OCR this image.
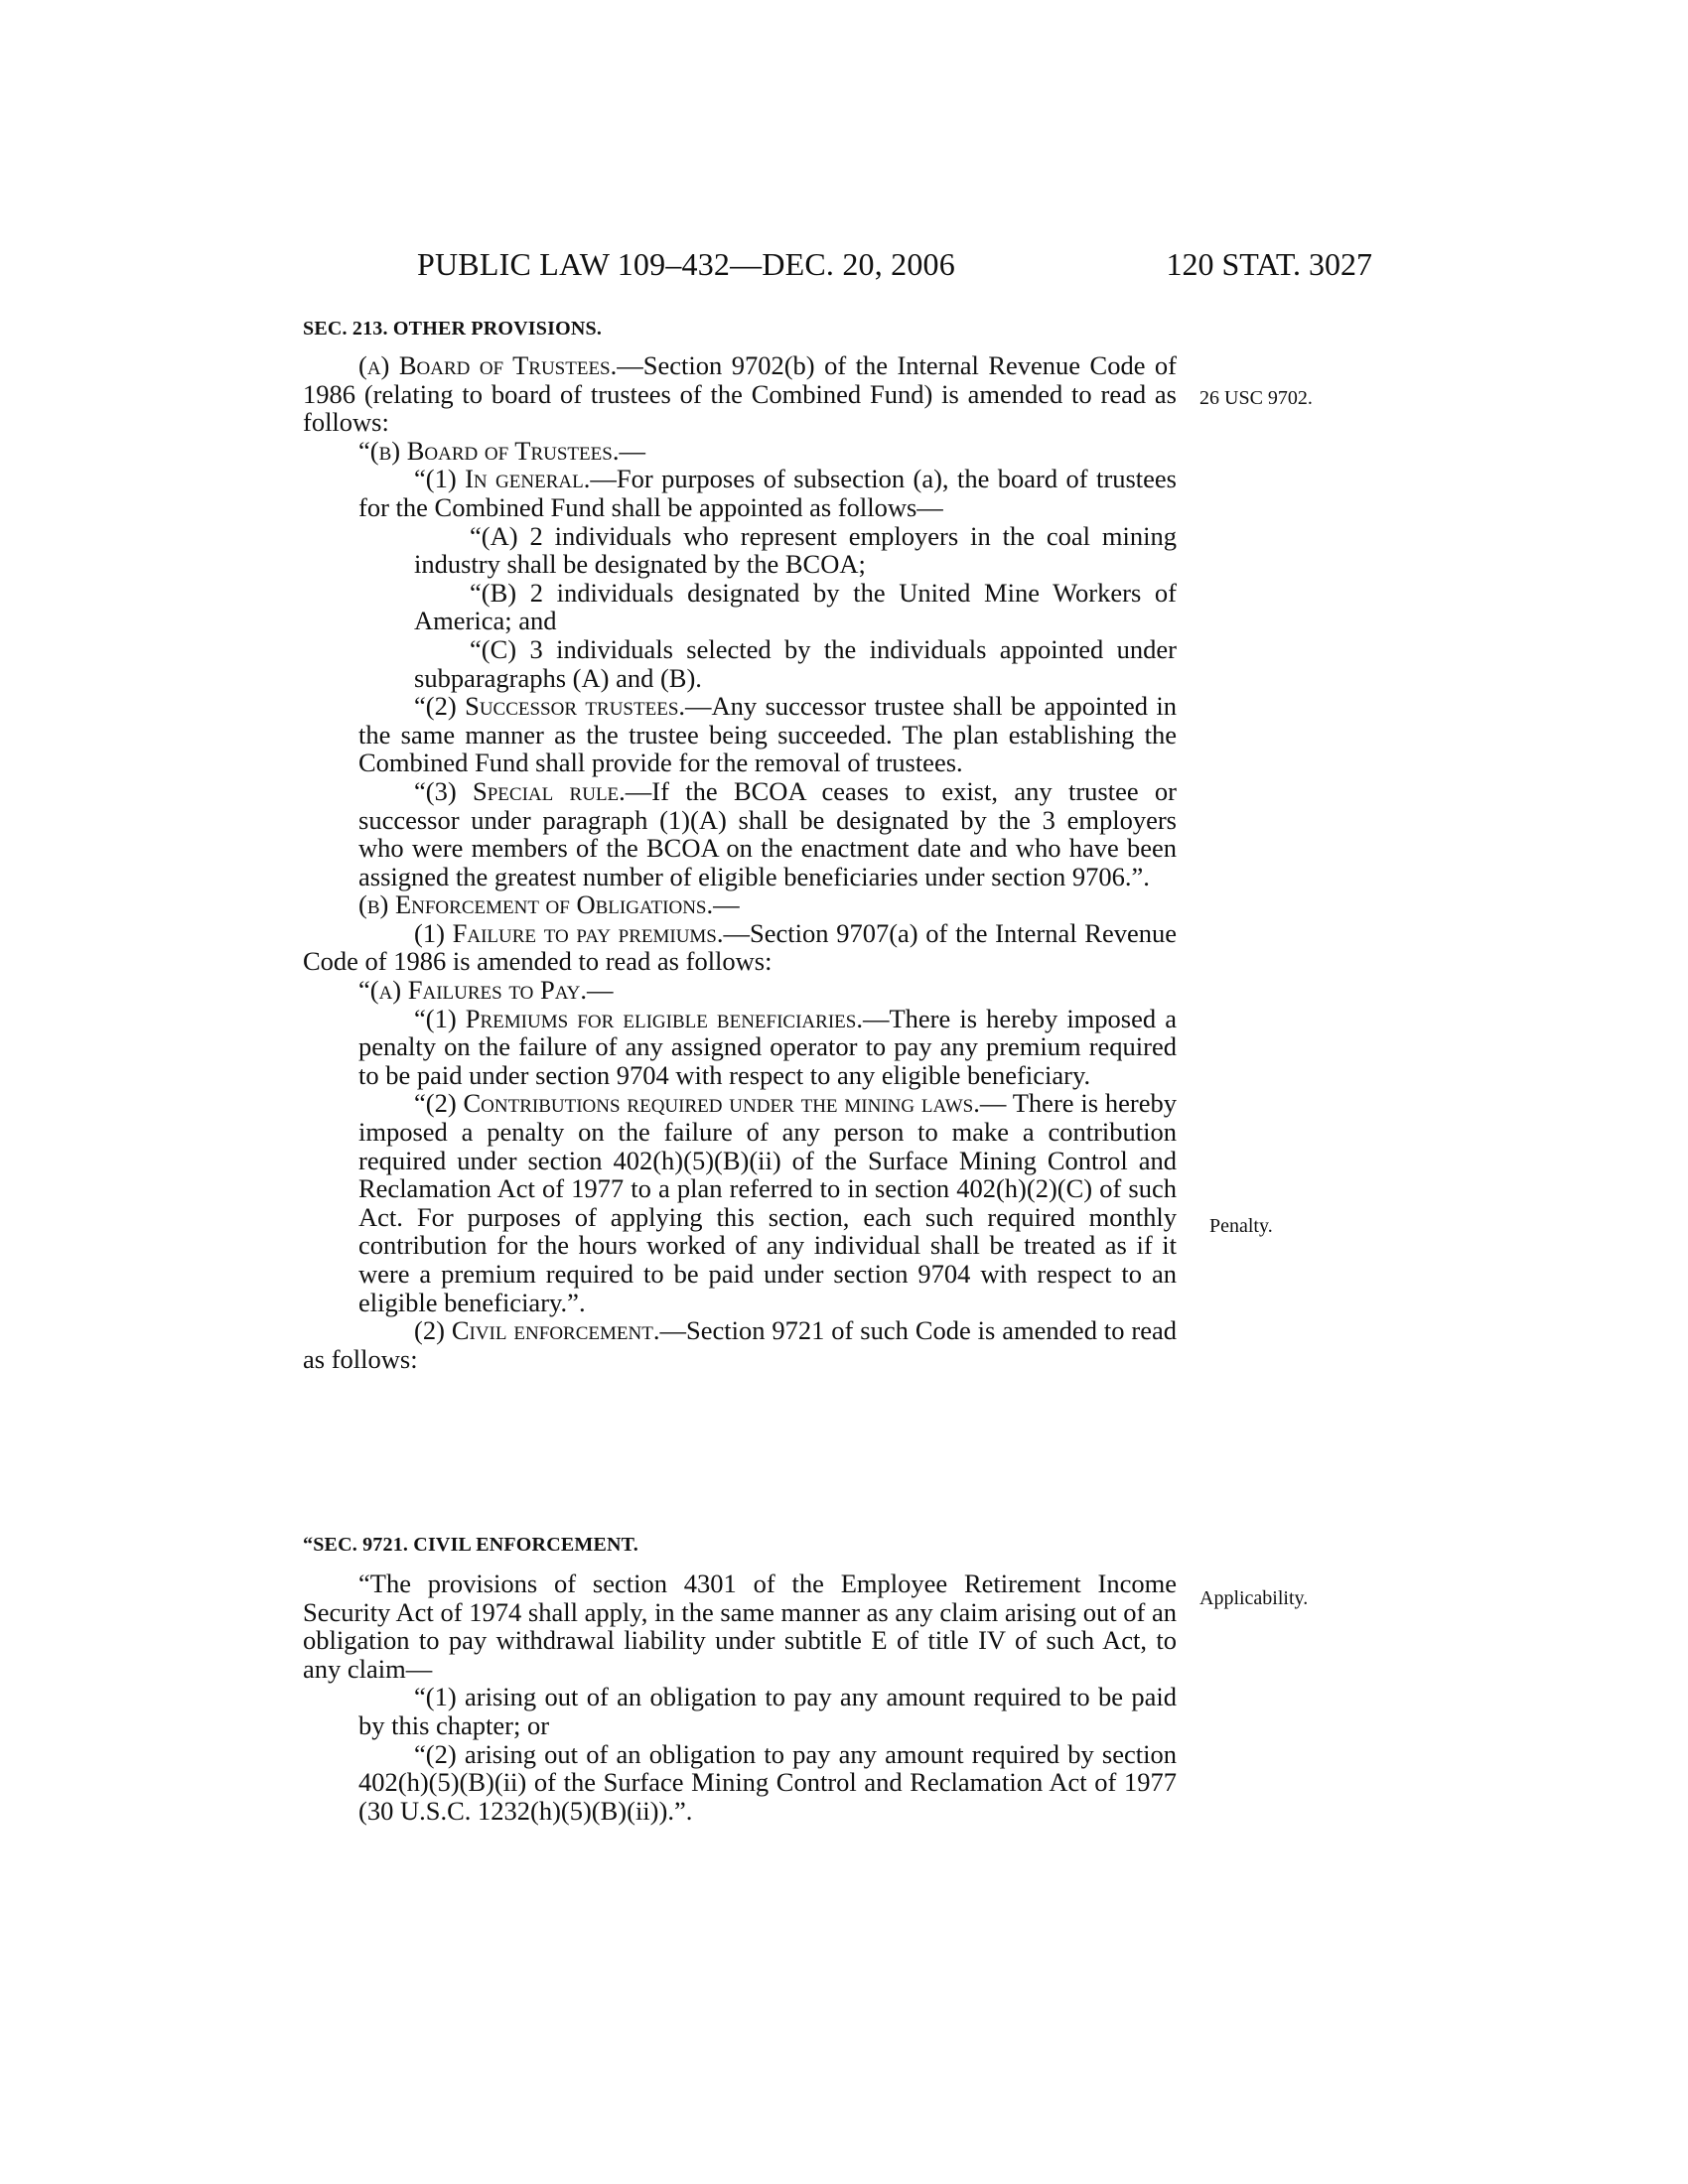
PUBLIC LAW 109–432—DEC. 20, 2006	120 STAT. 3027
SEC. 213. OTHER PROVISIONS.

(a) Board of Trustees.—Section 9702(b) of the Internal Revenue Code of 1986 (relating to board of trustees of the Combined Fund) is amended to read as follows:

“(b) Board of Trustees.—

“(1) In general.—For purposes of subsection (a), the board of trustees for the Combined Fund shall be appointed as follows—

“(A) 2 individuals who represent employers in the coal mining industry shall be designated by the BCOA;

“(B) 2 individuals designated by the United Mine Workers of America; and

“(C) 3 individuals selected by the individuals appointed under subparagraphs (A) and (B).

“(2) Successor trustees.—Any successor trustee shall be appointed in the same manner as the trustee being succeeded. The plan establishing the Combined Fund shall provide for the removal of trustees.

“(3) Special rule.—If the BCOA ceases to exist, any trustee or successor under paragraph (1)(A) shall be designated by the 3 employers who were members of the BCOA on the enactment date and who have been assigned the greatest number of eligible beneficiaries under section 9706.”.

(b) Enforcement of Obligations.—

(1) Failure to pay premiums.—Section 9707(a) of the Internal Revenue Code of 1986 is amended to read as follows:

“(a) Failures to Pay.—

“(1) Premiums for eligible beneficiaries.—There is hereby imposed a penalty on the failure of any assigned operator to pay any premium required to be paid under section 9704 with respect to any eligible beneficiary.

“(2) Contributions required under the mining laws.— There is hereby imposed a penalty on the failure of any person to make a contribution required under section 402(h)(5)(B)(ii) of the Surface Mining Control and Reclamation Act of 1977 to a plan referred to in section 402(h)(2)(C) of such Act. For purposes of applying this section, each such required monthly contribution for the hours worked of any individual shall be treated as if it were a premium required to be paid under section 9704 with respect to an eligible beneficiary.”.

(2) Civil enforcement.—Section 9721 of such Code is amended to read as follows:

“SEC. 9721. CIVIL ENFORCEMENT.

“The provisions of section 4301 of the Employee Retirement Income Security Act of 1974 shall apply, in the same manner as any claim arising out of an obligation to pay withdrawal liability under subtitle E of title IV of such Act, to any claim—

“(1) arising out of an obligation to pay any amount required to be paid by this chapter; or

“(2) arising out of an obligation to pay any amount required by section 402(h)(5)(B)(ii) of the Surface Mining Control and Reclamation Act of 1977 (30 U.S.C. 1232(h)(5)(B)(ii)).”.

26 USC 9702.
Penalty.
Applicability.
